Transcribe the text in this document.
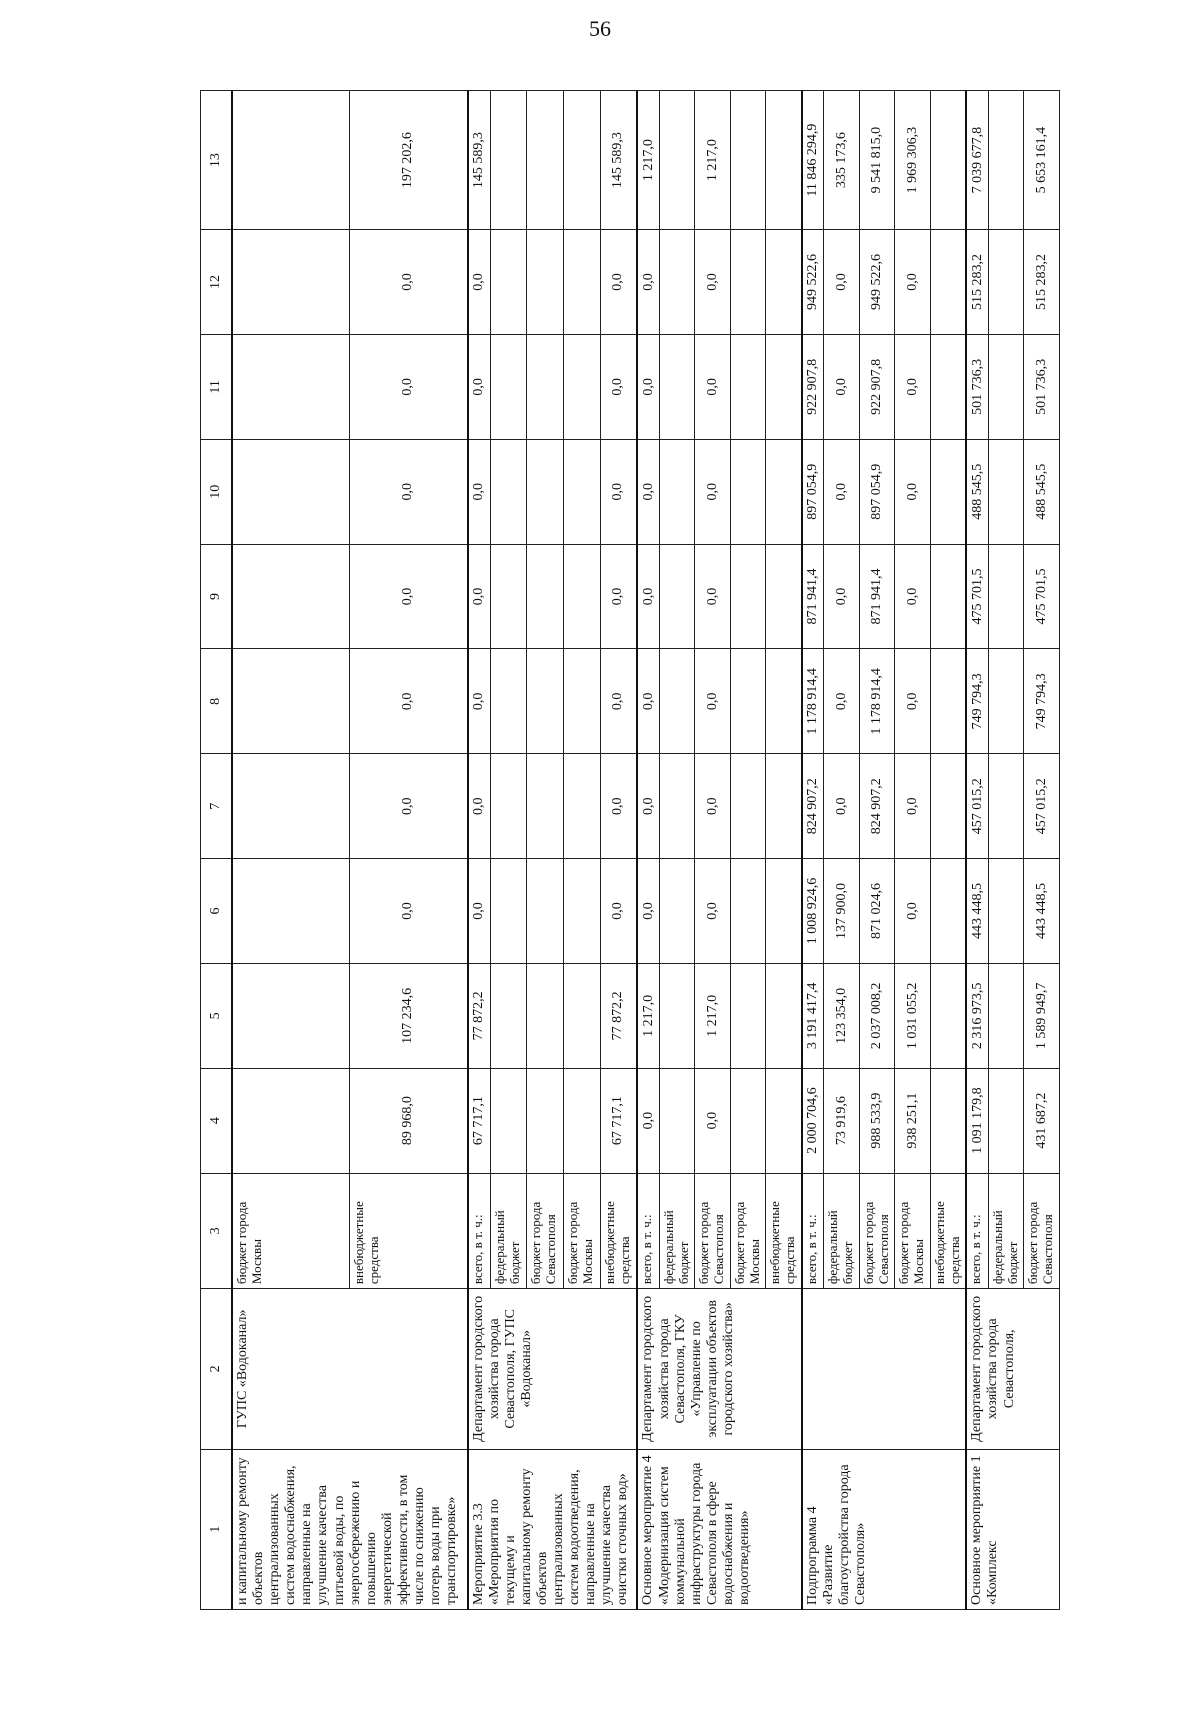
56
1	2	3	4	5	6	7	8	9	10	11	12	13
и капитальному ремонту объектов централизованных систем водоснабжения, направленные на улучшение качества питьевой воды, по энергосбережению и повышению энергетической эффективности, в том числе по снижению потерь воды при транспортировке»	ГУПС «Водоканал»	бюджет города Москвы										
		внебюджетные средства	89 968,0	107 234,6	0,0	0,0	0,0	0,0	0,0	0,0	0,0	197 202,6
Мероприятие 3.3 «Мероприятия по текущему и капитальному ремонту объектов централизованных систем водоотведения, направленные на улучшение качества очистки сточных вод»	Департамент городского хозяйства города Севастополя, ГУПС «Водоканал»	всего, в т. ч.:	67 717,1	77 872,2	0,0	0,0	0,0	0,0	0,0	0,0	0,0	145 589,3
		федеральный бюджет										
		бюджет города Севастополя										
		бюджет города Москвы										
		внебюджетные средства	67 717,1	77 872,2	0,0	0,0	0,0	0,0	0,0	0,0	0,0	145 589,3
Основное мероприятие 4 «Модернизация систем коммунальной инфраструктуры города Севастополя в сфере водоснабжения и водоотведения»	Департамент городского хозяйства города Севастополя, ГКУ «Управление по эксплуатации объектов городского хозяйства»	всего, в т. ч.:	0,0	1 217,0	0,0	0,0	0,0	0,0	0,0	0,0	0,0	1 217,0
		федеральный бюджет										
		бюджет города Севастополя	0,0	1 217,0	0,0	0,0	0,0	0,0	0,0	0,0	0,0	1 217,0
		бюджет города Москвы										
		внебюджетные средства										
Подпрограмма 4 «Развитие благоустройства города Севастополя»		всего, в т. ч.:	2 000 704,6	3 191 417,4	1 008 924,6	824 907,2	1 178 914,4	871 941,4	897 054,9	922 907,8	949 522,6	11 846 294,9
		федеральный бюджет	73 919,6	123 354,0	137 900,0	0,0	0,0	0,0	0,0	0,0	0,0	335 173,6
		бюджет города Севастополя	988 533,9	2 037 008,2	871 024,6	824 907,2	1 178 914,4	871 941,4	897 054,9	922 907,8	949 522,6	9 541 815,0
		бюджет города Москвы	938 251,1	1 031 055,2	0,0	0,0	0,0	0,0	0,0	0,0	0,0	1 969 306,3
		внебюджетные средства										
Основное мероприятие 1 «Комплекс	Департамент городского хозяйства города Севастополя,	всего, в т. ч.:	1 091 179,8	2 316 973,5	443 448,5	457 015,2	749 794,3	475 701,5	488 545,5	501 736,3	515 283,2	7 039 677,8
		федеральный бюджет										
		бюджет города Севастополя	431 687,2	1 589 949,7	443 448,5	457 015,2	749 794,3	475 701,5	488 545,5	501 736,3	515 283,2	5 653 161,4
